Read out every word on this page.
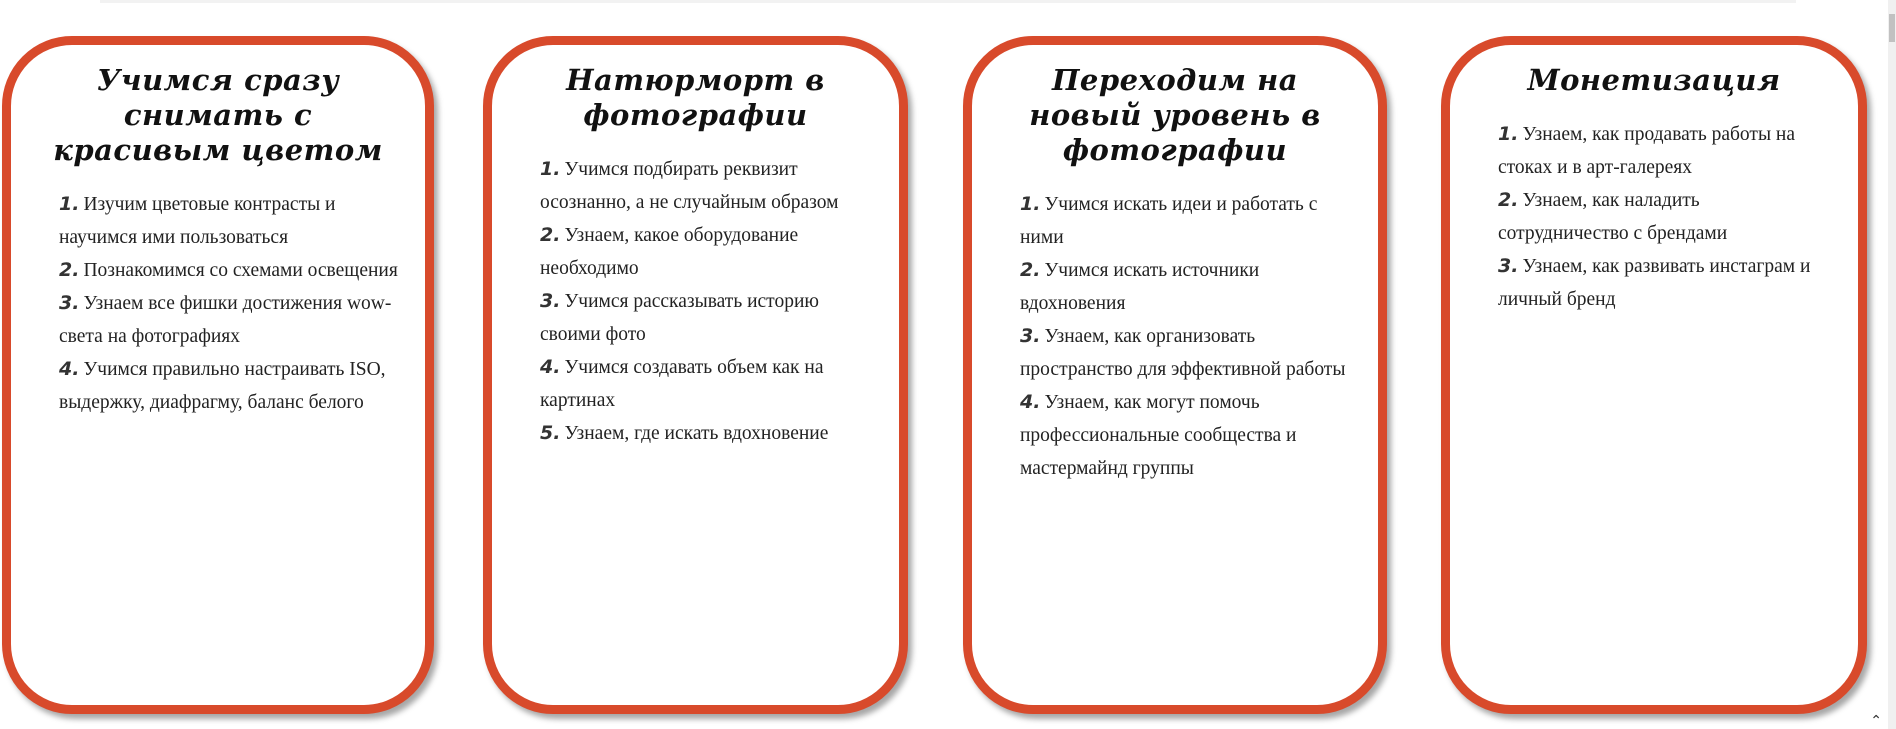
Учимся сразу снимать с красивым цветом

1. Изучим цветовые контрасты и научимся ими пользоваться

2. Познакомимся со схемами освещения

3. Узнаем все фишки достижения wow-света на фотографиях

4. Учимся правильно настраивать ISO, выдержку, диафрагму, баланс белого

Натюрморт в фотографии

1. Учимся подбирать реквизит осознанно, а не случайным образом

2. Узнаем, какое оборудование необходимо

3. Учимся рассказывать историю своими фото

4. Учимся создавать объем как на картинах

5. Узнаем, где искать вдохновение

Переходим на новый уровень в фотографии

1. Учимся искать идеи и работать с ними

2. Учимся искать источники вдохновения

3. Узнаем, как организовать пространство для эффективной работы

4. Узнаем, как могут помочь профессиональные сообщества и мастермайнд группы

Монетизация

1. Узнаем, как продавать работы на стоках и в арт-галереях

2. Узнаем, как наладить сотрудничество с брендами

3. Узнаем, как развивать инстаграм и личный бренд

⌃
